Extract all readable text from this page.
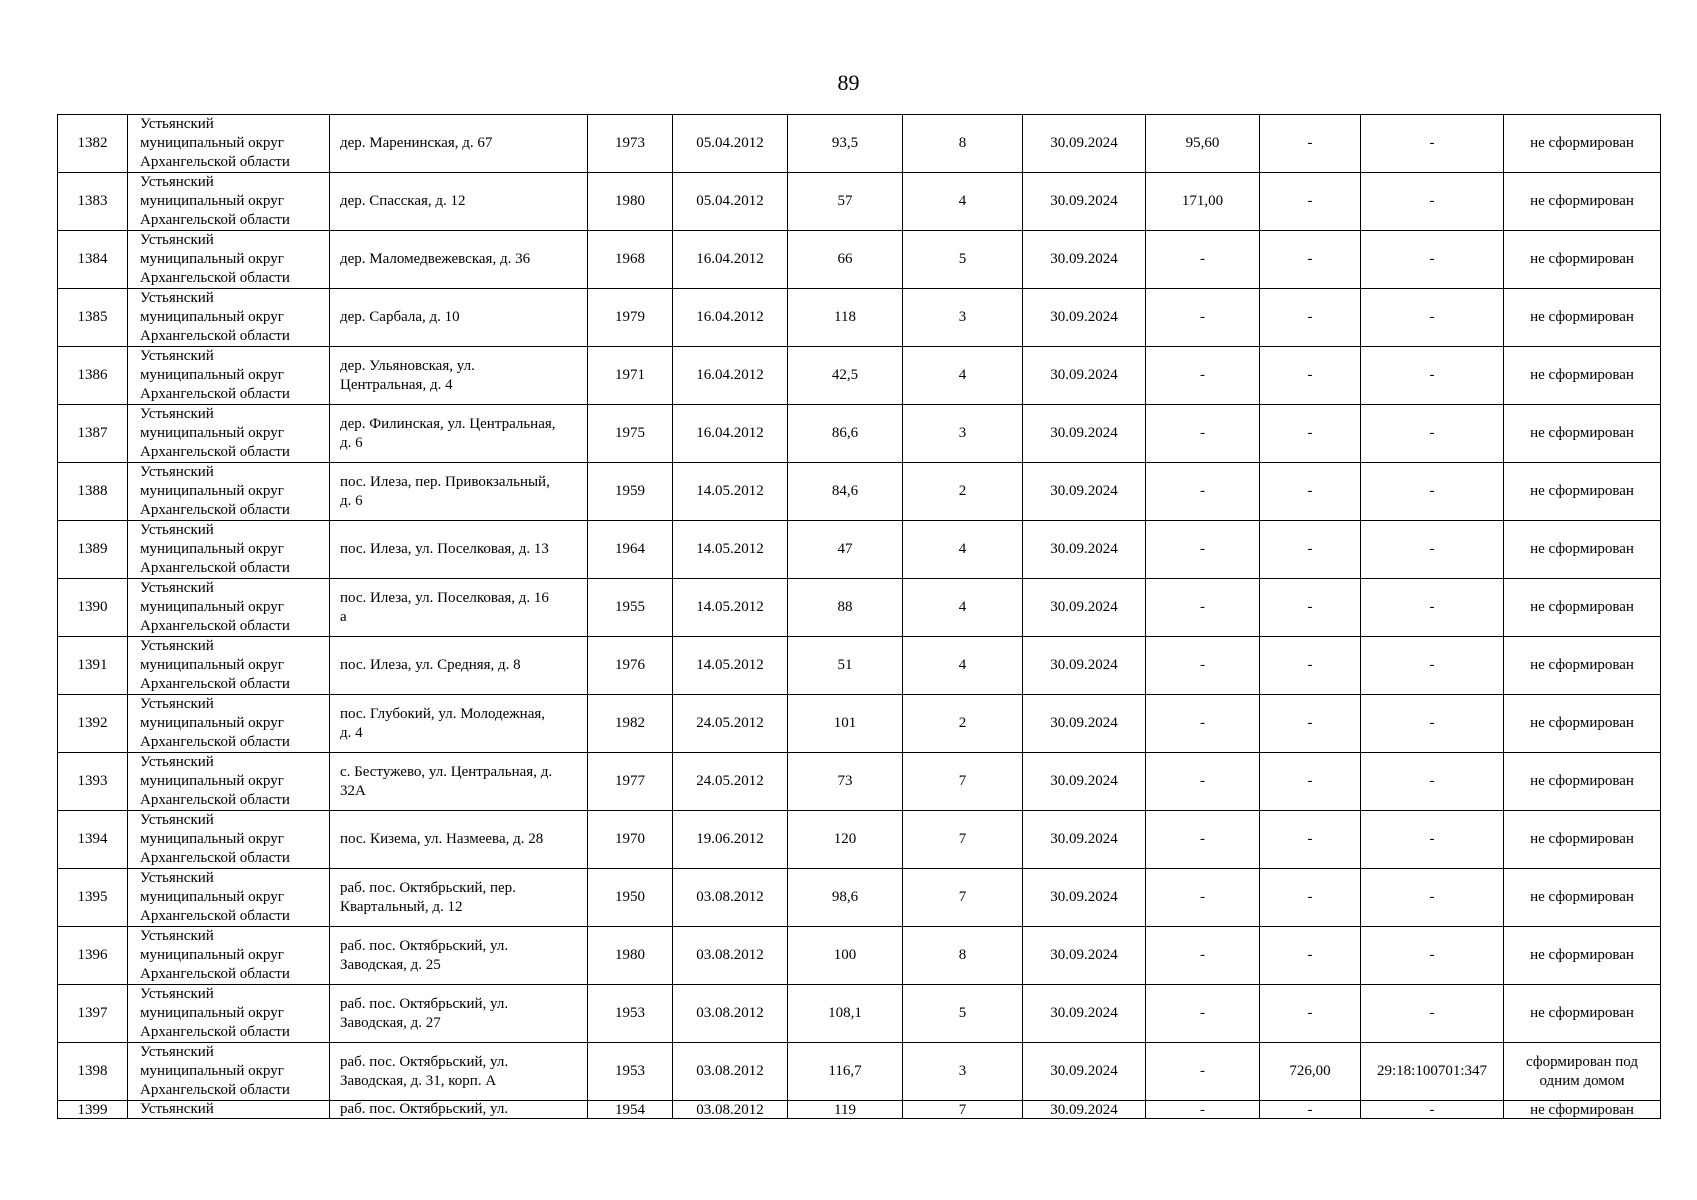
89
1382	Устьянский
муниципальный округ
Архангельской области	дер. Маренинская, д. 67	1973	05.04.2012	93,5	8	30.09.2024	95,60	-	-	не сформирован
1383	Устьянский
муниципальный округ
Архангельской области	дер. Спасская, д. 12	1980	05.04.2012	57	4	30.09.2024	171,00	-	-	не сформирован
1384	Устьянский
муниципальный округ
Архангельской области	дер. Маломедвежевская, д. 36	1968	16.04.2012	66	5	30.09.2024	-	-	-	не сформирован
1385	Устьянский
муниципальный округ
Архангельской области	дер. Сарбала, д. 10	1979	16.04.2012	118	3	30.09.2024	-	-	-	не сформирован
1386	Устьянский
муниципальный округ
Архангельской области	дер. Ульяновская, ул.
Центральная, д. 4	1971	16.04.2012	42,5	4	30.09.2024	-	-	-	не сформирован
1387	Устьянский
муниципальный округ
Архангельской области	дер. Филинская, ул. Центральная,
д. 6	1975	16.04.2012	86,6	3	30.09.2024	-	-	-	не сформирован
1388	Устьянский
муниципальный округ
Архангельской области	пос. Илеза, пер. Привокзальный,
д. 6	1959	14.05.2012	84,6	2	30.09.2024	-	-	-	не сформирован
1389	Устьянский
муниципальный округ
Архангельской области	пос. Илеза, ул. Поселковая, д. 13	1964	14.05.2012	47	4	30.09.2024	-	-	-	не сформирован
1390	Устьянский
муниципальный округ
Архангельской области	пос. Илеза, ул. Поселковая, д. 16
а	1955	14.05.2012	88	4	30.09.2024	-	-	-	не сформирован
1391	Устьянский
муниципальный округ
Архангельской области	пос. Илеза, ул. Средняя, д. 8	1976	14.05.2012	51	4	30.09.2024	-	-	-	не сформирован
1392	Устьянский
муниципальный округ
Архангельской области	пос. Глубокий, ул. Молодежная,
д. 4	1982	24.05.2012	101	2	30.09.2024	-	-	-	не сформирован
1393	Устьянский
муниципальный округ
Архангельской области	с. Бестужево, ул. Центральная, д.
32А	1977	24.05.2012	73	7	30.09.2024	-	-	-	не сформирован
1394	Устьянский
муниципальный округ
Архангельской области	пос. Кизема, ул. Назмеева, д. 28	1970	19.06.2012	120	7	30.09.2024	-	-	-	не сформирован
1395	Устьянский
муниципальный округ
Архангельской области	раб. пос. Октябрьский, пер.
Квартальный, д. 12	1950	03.08.2012	98,6	7	30.09.2024	-	-	-	не сформирован
1396	Устьянский
муниципальный округ
Архангельской области	раб. пос. Октябрьский, ул.
Заводская, д. 25	1980	03.08.2012	100	8	30.09.2024	-	-	-	не сформирован
1397	Устьянский
муниципальный округ
Архангельской области	раб. пос. Октябрьский, ул.
Заводская, д. 27	1953	03.08.2012	108,1	5	30.09.2024	-	-	-	не сформирован
1398	Устьянский
муниципальный округ
Архангельской области	раб. пос. Октябрьский, ул.
Заводская, д. 31, корп. А	1953	03.08.2012	116,7	3	30.09.2024	-	726,00	29:18:100701:347	сформирован под
одним домом
1399	Устьянский	раб. пос. Октябрьский, ул.	1954	03.08.2012	119	7	30.09.2024	-	-	-	не сформирован
